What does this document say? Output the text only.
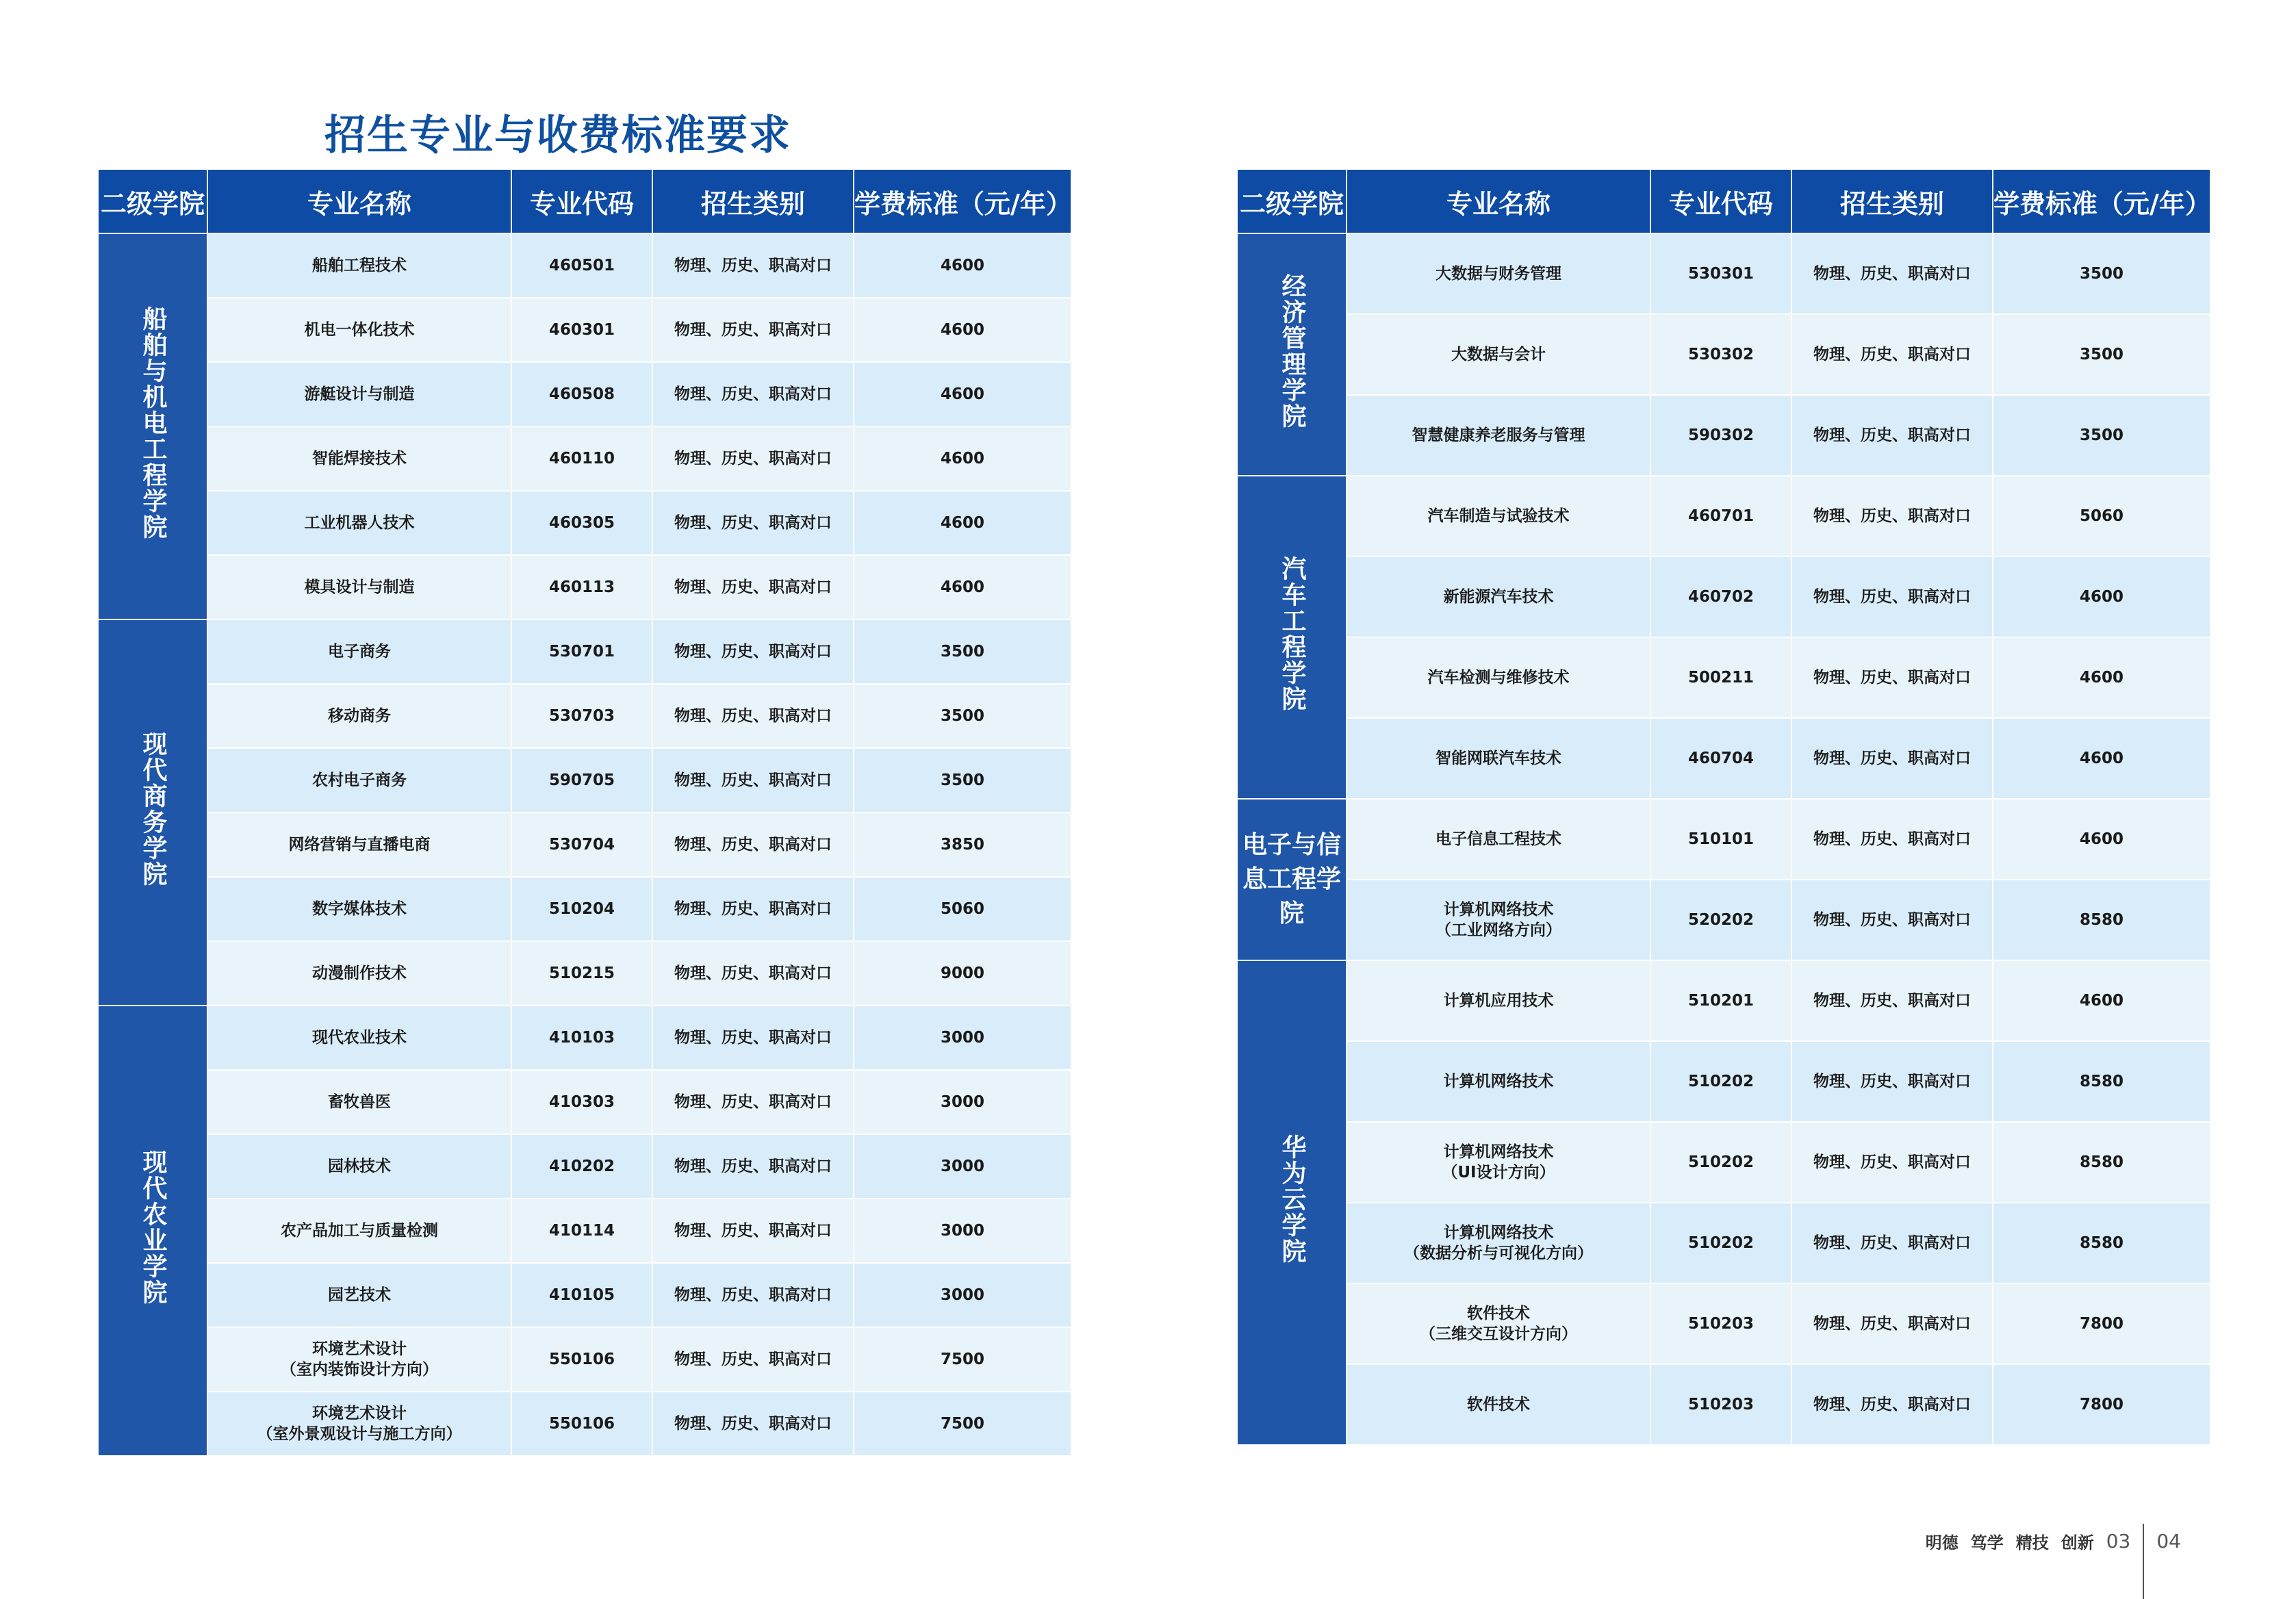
招生专业与收费标准要求
二级学院	专业名称	专业代码	招生类别	学费标准（元/年）
船舶与机电工程学院	船舶工程技术	460501	物理、历史、职高对口	4600

	机电一体化技术	460301	物理、历史、职高对口	4600

	游艇设计与制造	460508	物理、历史、职高对口	4600

	智能焊接技术	460110	物理、历史、职高对口	4600

	工业机器人技术	460305	物理、历史、职高对口	4600

	模具设计与制造	460113	物理、历史、职高对口	4600
现代商务学院	电子商务	530701	物理、历史、职高对口	3500

	移动商务	530703	物理、历史、职高对口	3500

	农村电子商务	590705	物理、历史、职高对口	3500

	网络营销与直播电商	530704	物理、历史、职高对口	3850

	数字媒体技术	510204	物理、历史、职高对口	5060

	动漫制作技术	510215	物理、历史、职高对口	9000
现代农业学院	现代农业技术	410103	物理、历史、职高对口	3000

	畜牧兽医	410303	物理、历史、职高对口	3000

	园林技术	410202	物理、历史、职高对口	3000

	农产品加工与质量检测	410114	物理、历史、职高对口	3000

	园艺技术	410105	物理、历史、职高对口	3000

	环境艺术设计
（室内装饰设计方向）	550106	物理、历史、职高对口	7500

	环境艺术设计
（室外景观设计与施工方向）	550106	物理、历史、职高对口	7500
二级学院	专业名称	专业代码	招生类别	学费标准（元/年）
经济管理学院	大数据与财务管理	530301	物理、历史、职高对口	3500

	大数据与会计	530302	物理、历史、职高对口	3500

	智慧健康养老服务与管理	590302	物理、历史、职高对口	3500
汽车工程学院	汽车制造与试验技术	460701	物理、历史、职高对口	5060

	新能源汽车技术	460702	物理、历史、职高对口	4600

	汽车检测与维修技术	500211	物理、历史、职高对口	4600

	智能网联汽车技术	460704	物理、历史、职高对口	4600
电子与信息工程学院	电子信息工程技术	510101	物理、历史、职高对口	4600

	计算机网络技术
（工业网络方向）	520202	物理、历史、职高对口	8580
华为云学院	计算机应用技术	510201	物理、历史、职高对口	4600

	计算机网络技术	510202	物理、历史、职高对口	8580

	计算机网络技术
（UI设计方向）	510202	物理、历史、职高对口	8580

	计算机网络技术
（数据分析与可视化方向）	510202	物理、历史、职高对口	8580

	软件技术
（三维交互设计方向）	510203	物理、历史、职高对口	7800

	软件技术	510203	物理、历史、职高对口	7800
明德 笃学 精技 创新 03 04
